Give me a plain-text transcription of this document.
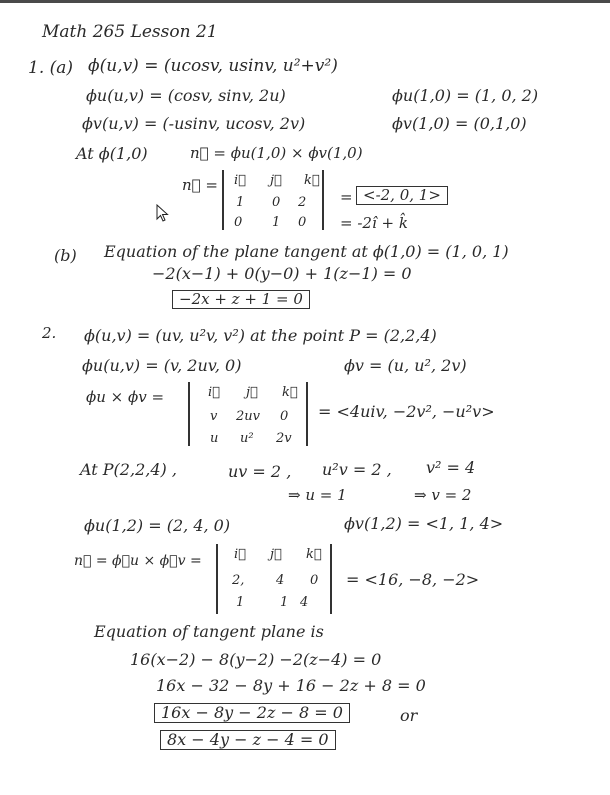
Math 265 Lesson 21
1. (a) ϕ(u,v) = (ucosv, usinv, u²+v²)
ϕu(u,v) = (cosv, sinv, 2u)	ϕu(1,0) = (1, 0, 2)
ϕv(u,v) = (-usinv, ucosv, 2v)	ϕv(1,0) = (0,1,0)
At ϕ(1,0)	n⃗ = ϕu(1,0) × ϕv(1,0)
n⃗ = i⃗ j⃗ k⃗
1 0 2
0 1 0
= <-2, 0, 1>
= -2î + k̂
(b) Equation of the plane tangent at ϕ(1,0) = (1, 0, 1)
−2(x−1) + 0(y−0) + 1(z−1) = 0
−2x + z + 1 = 0
2. ϕ(u,v) = (uv, u²v, v²) at the point P = (2,2,4)
ϕu(u,v) = (v, 2uv, 0)	ϕv = (u, u², 2v)
ϕu × ϕv =	i⃗ j⃗ k⃗
v 2uv 0
u u² 2v
= <4uiv, −2v², −u²v>
At P(2,2,4) ,	uv = 2 , u²v = 2 , v² = 4
⇒ u = 1	⇒ v = 2
ϕu(1,2) = (2, 4, 0)	ϕv(1,2) = <1, 1, 4>
n⃗ = ϕ⃗u × ϕ⃗v = i⃗ j⃗ k⃗
2, 4 0
1	1 4
= <16, −8, −2>
Equation of tangent plane is
16(x−2) − 8(y−2) −2(z−4) = 0
16x − 32 − 8y + 16 − 2z + 8 = 0
16x − 8y − 2z − 8 = 0	or
8x − 4y − z − 4 = 0
